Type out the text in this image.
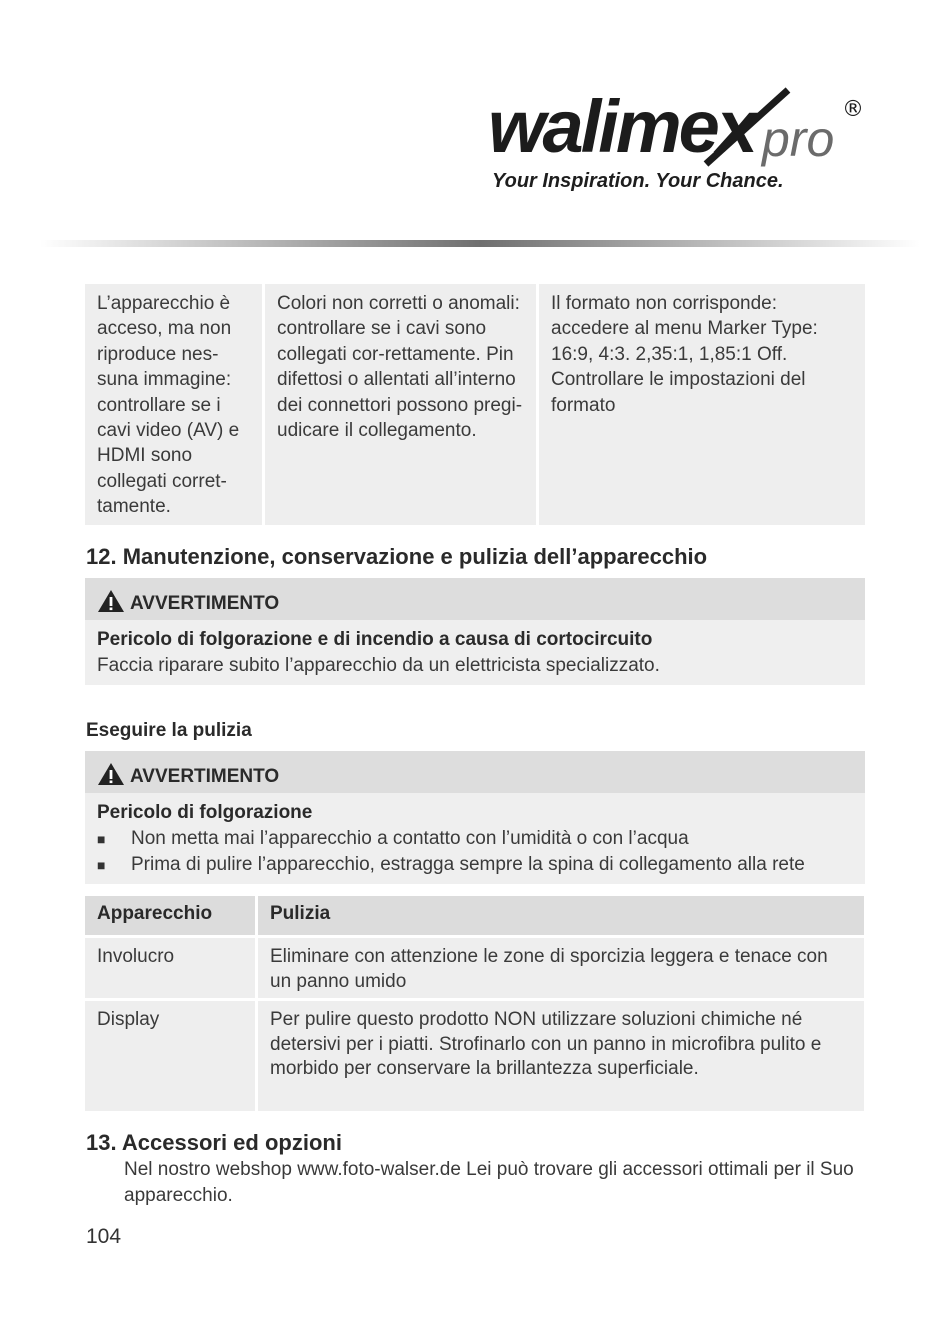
walimex pro
®
Your Inspiration. Your Chance.
L’apparecchio è acceso, ma non riproduce nes-suna immagine: controllare se i cavi video (AV) e HDMI sono collegati corret-tamente.
Colori non corretti o anomali: controllare se i cavi sono collegati cor-rettamente. Pin difettosi o allentati all’interno dei connettori possono pregi-udicare il collegamento.
Il formato non corrisponde: accedere al menu Marker Type: 16:9, 4:3. 2,35:1, 1,85:1 Off. Controllare le impostazioni del formato
12. Manutenzione, conservazione e pulizia dell’apparecchio
AVVERTIMENTO
Pericolo di folgorazione e di incendio a causa di cortocircuito
Faccia riparare subito l’apparecchio da un elettricista specializzato.
Eseguire la pulizia
AVVERTIMENTO
Pericolo di folgorazione
■	Non metta mai l’apparecchio a contatto con l’umidità o con l’acqua
■	Prima di pulire l’apparecchio, estragga sempre la spina di collegamento alla rete
Apparecchio	Pulizia
Involucro	Eliminare con attenzione le zone di sporcizia leggera e tenace con un panno umido
Display	Per pulire questo prodotto NON utilizzare soluzioni chimiche né detersivi per i piatti. Strofinarlo con un panno in microfibra pulito e morbido per conservare la brillantezza superficiale.
13. Accessori ed opzioni
Nel nostro webshop www.foto-walser.de Lei può trovare gli accessori ottimali per il Suo apparecchio.
104
